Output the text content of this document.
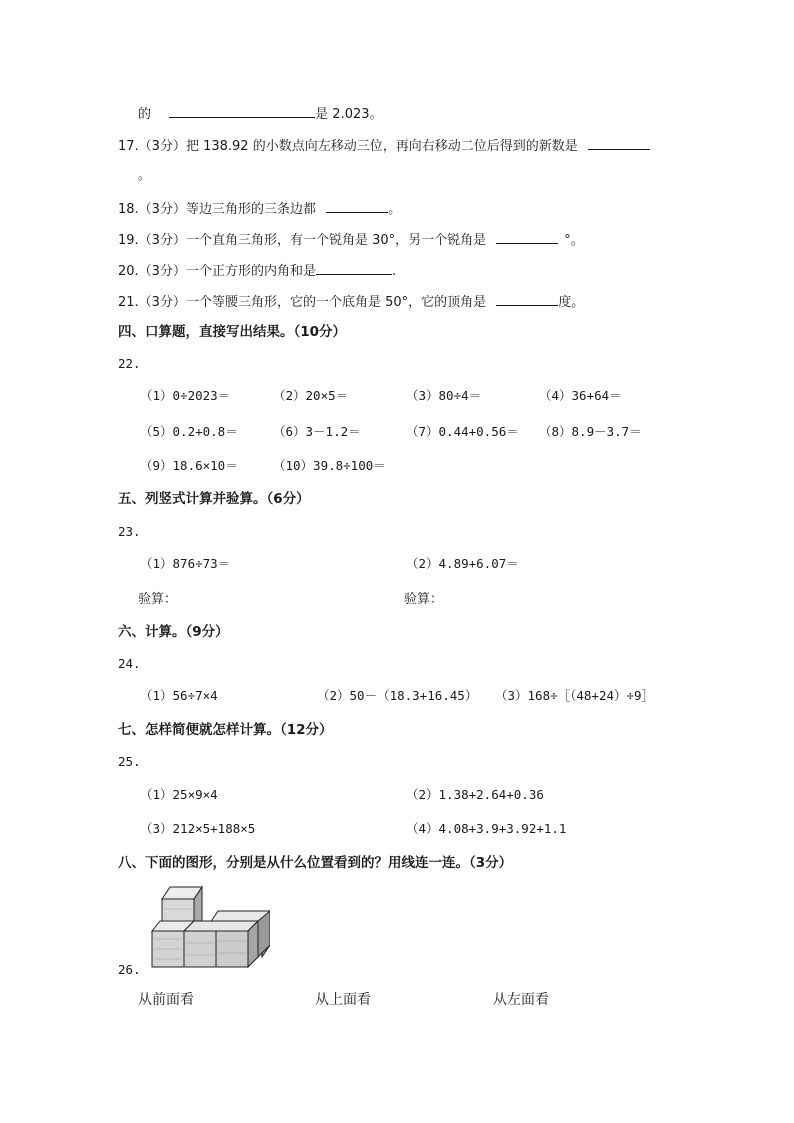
的	是 2.023。
17.（3分）把 138.92 的小数点向左移动三位，再向右移动二位后得到的新数是
。
18.（3分）等边三角形的三条边都	。
19.（3分）一个直角三角形，有一个锐角是 30°，另一个锐角是	°。
20.（3分）一个正方形的内角和是	.
21.（3分）一个等腰三角形，它的一个底角是 50°，它的顶角是	度。
四、口算题，直接写出结果。（10分）
22.
（1）0÷2023＝	（2）20×5＝	（3）80÷4＝	（4）36+64＝
（5）0.2+0.8＝	（6）3－1.2＝	（7）0.44+0.56＝ （8）8.9－3.7＝
（9）18.6×10＝	（10）39.8÷100＝
五、列竖式计算并验算。（6分）
23.
（1）876÷73＝	（2）4.89+6.07＝
验算：	验算：
六、计算。（9分）
24.
（1）56÷7×4	（2）50－（18.3+16.45） （3）168÷［（48+24）÷9］
七、怎样简便就怎样计算。（12分）
25.
（1）25×9×4	（2）1.38+2.64+0.36
（3）212×5+188×5	（4）4.08+3.9+3.92+1.1
八、下面的图形，分别是从什么位置看到的？用线连一连。（3分）
26.
从前面看	从上面看	从左面看
